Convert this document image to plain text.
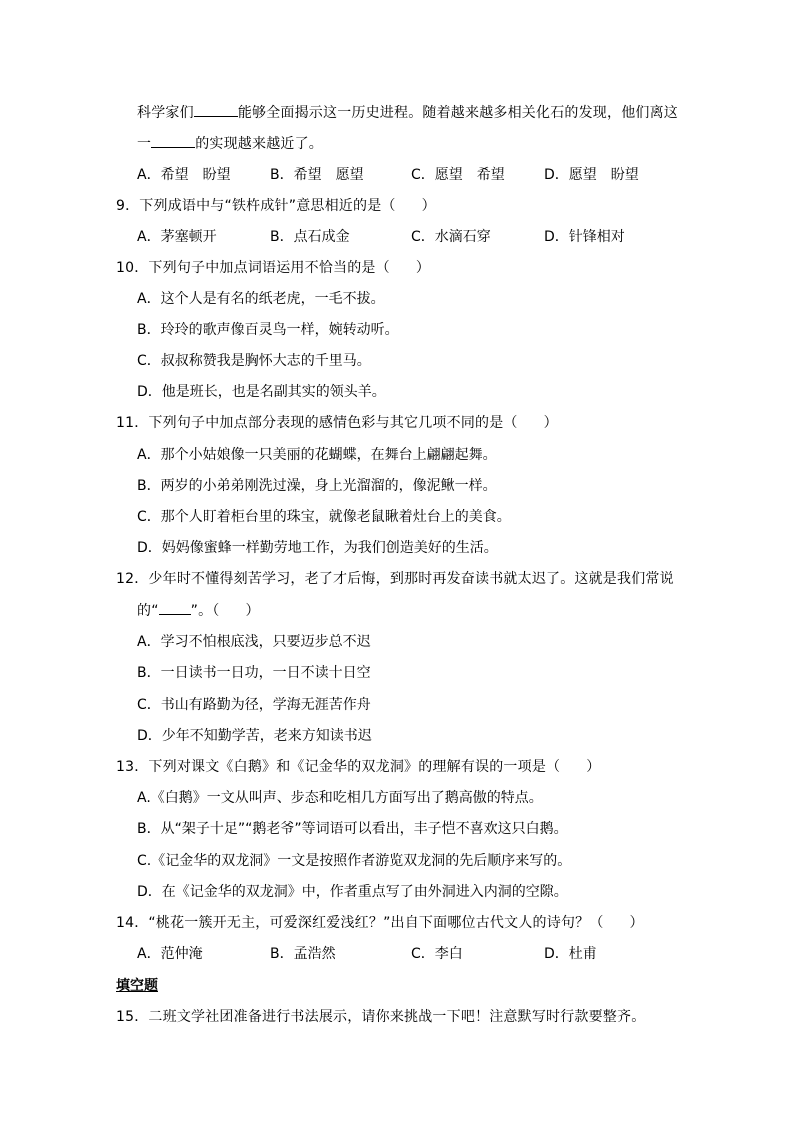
科学家们	能够全面揭示这一历史进程。随着越来越多相关化石的发现，他们离这
一	的实现越来越近了。
A．希望　盼望	B．希望　愿望	C．愿望　希望	D．愿望　盼望
9．下列成语中与“铁杵成针”意思相近的是（ ）
A．茅塞顿开	B．点石成金	C．水滴石穿	D．针锋相对
10．下列句子中加点词语运用不恰当的是（ ）
A．这个人是有名的纸老虎，一毛不拔。
B．玲玲的歌声像百灵鸟一样，婉转动听。
C．叔叔称赞我是胸怀大志的千里马。
D．他是班长，也是名副其实的领头羊。
11．下列句子中加点部分表现的感情色彩与其它几项不同的是（ ）
A．那个小姑娘像一只美丽的花蝴蝶，在舞台上翩翩起舞。
B．两岁的小弟弟刚洗过澡，身上光溜溜的，像泥鳅一样。
C．那个人盯着柜台里的珠宝，就像老鼠瞅着灶台上的美食。
D．妈妈像蜜蜂一样勤劳地工作，为我们创造美好的生活。
12．少年时不懂得刻苦学习，老了才后悔，到那时再发奋读书就太迟了。这就是我们常说
的“ ”。（ ）
A．学习不怕根底浅，只要迈步总不迟
B．一日读书一日功，一日不读十日空
C．书山有路勤为径，学海无涯苦作舟
D．少年不知勤学苦，老来方知读书迟
13．下列对课文《白鹅》和《记金华的双龙洞》的理解有误的一项是（ ）
A.《白鹅》一文从叫声、步态和吃相几方面写出了鹅高傲的特点。
B．从“架子十足”“鹅老爷”等词语可以看出，丰子恺不喜欢这只白鹅。
C.《记金华的双龙洞》一文是按照作者游览双龙洞的先后顺序来写的。
D．在《记金华的双龙洞》中，作者重点写了由外洞进入内洞的空隙。
14．“桃花一簇开无主，可爱深红爱浅红？”出自下面哪位古代文人的诗句？（ ）
A．范仲淹	B．孟浩然	C．李白	D．杜甫
填空题
15．二班文学社团准备进行书法展示，请你来挑战一下吧！注意默写时行款要整齐。
